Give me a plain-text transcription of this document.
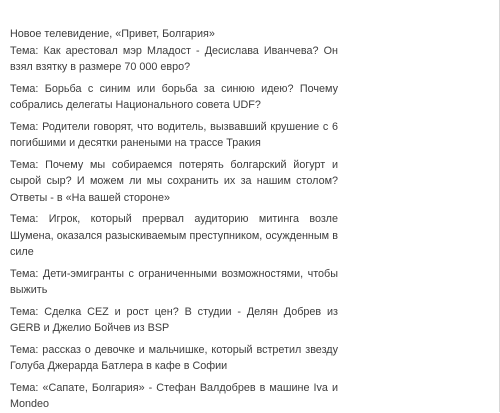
Новое телевидение, «Привет, Болгария»

Тема: Как арестовал мэр Младост - Десислава Иванчева? Он взял взятку в размере 70 000 евро?

Тема: Борьба с синим или борьба за синюю идею? Почему собрались делегаты Национального совета UDF?

Тема: Родители говорят, что водитель, вызвавший крушение с 6 погибшими и десятки ранеными на трассе Тракия

Тема: Почему мы собираемся потерять болгарский йогурт и сырой сыр? И можем ли мы сохранить их за нашим столом? Ответы - в «На вашей стороне»

Тема: Игрок, который прервал аудиторию митинга возле Шумена, оказался разыскиваемым преступником, осужденным в силе

Тема: Дети-эмигранты с ограниченными возможностями, чтобы выжить

Тема: Сделка CEZ и рост цен? В студии - Делян Добрев из GERB и Джелио Бойчев из BSP

Тема: рассказ о девочке и мальчишке, который встретил звезду Голуба Джерарда Батлера в кафе в Софии

Тема: «Сапате, Болгария» - Стефан Валдобрев в машине Iva и Mondeo
